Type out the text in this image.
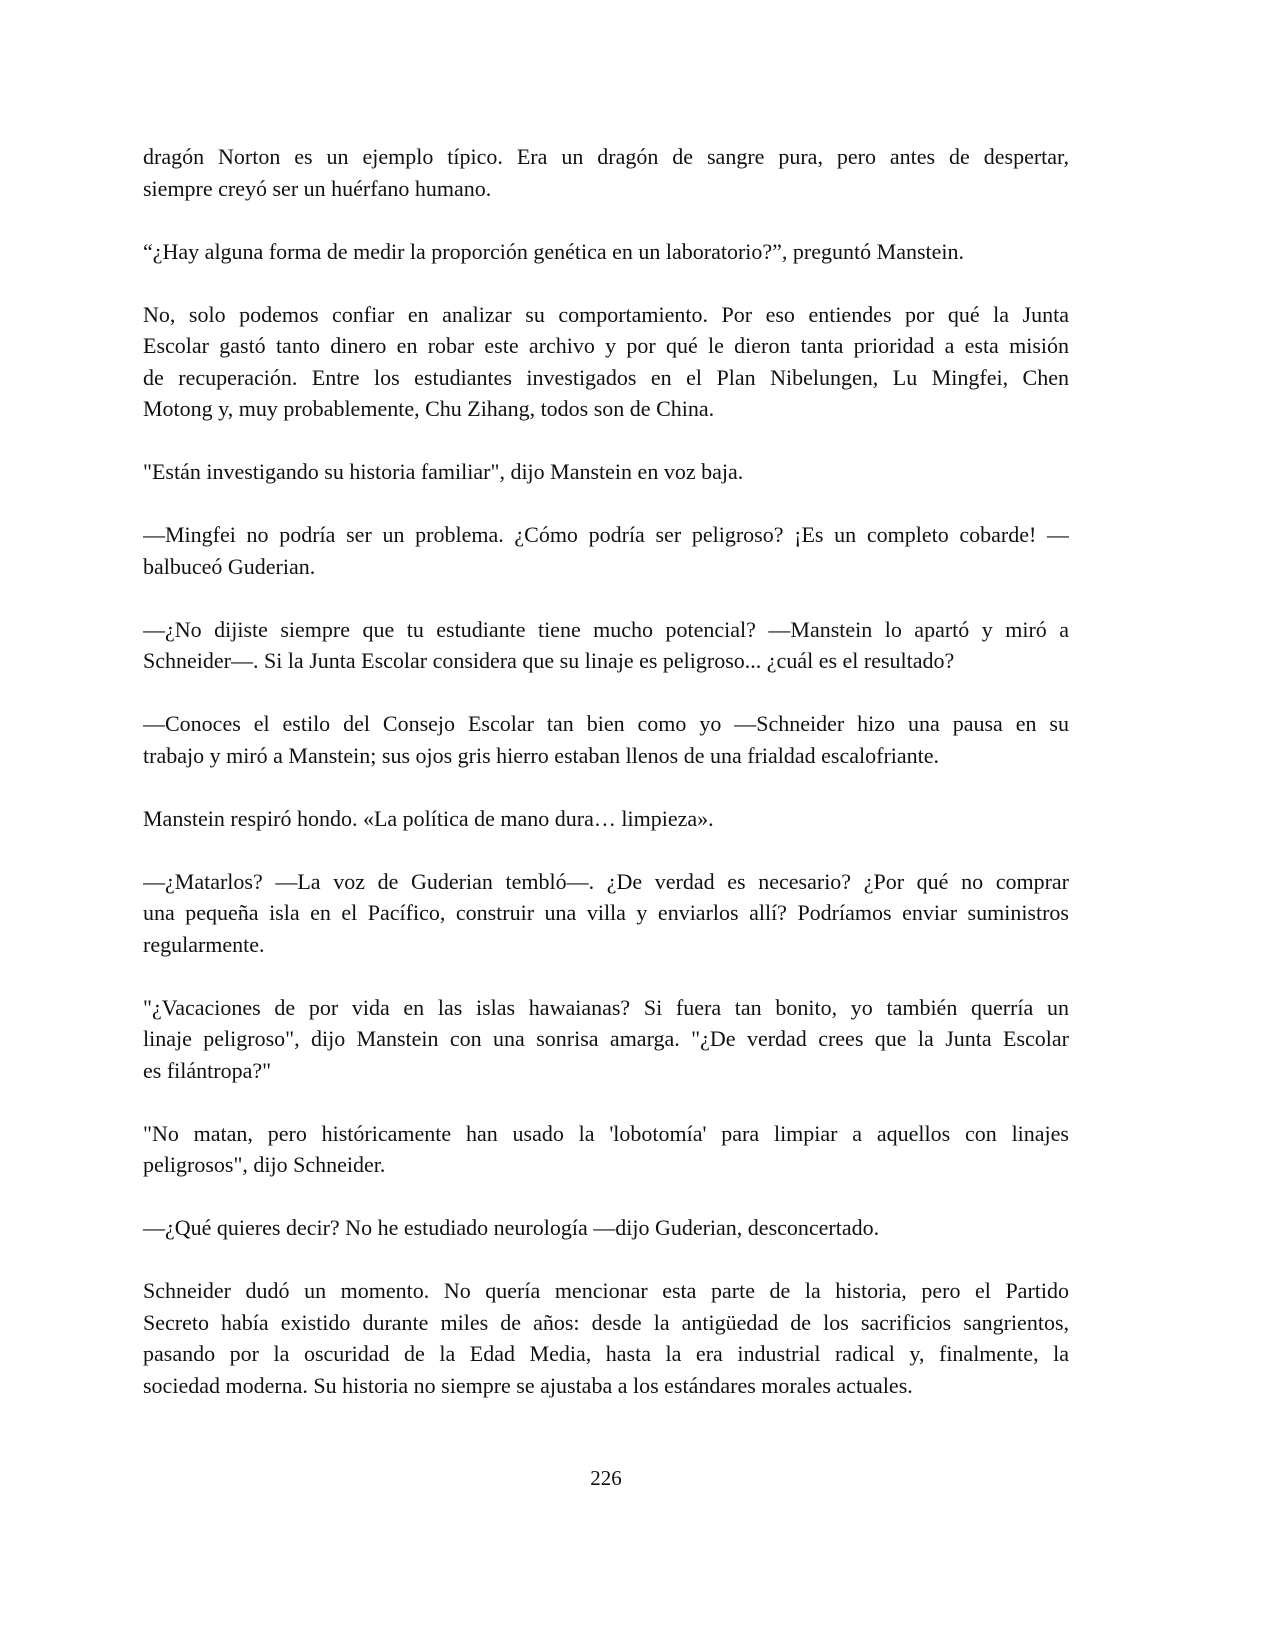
dragón Norton es un ejemplo típico. Era un dragón de sangre pura, pero antes de despertar,
siempre creyó ser un huérfano humano.
“¿Hay alguna forma de medir la proporción genética en un laboratorio?”, preguntó Manstein.
No, solo podemos confiar en analizar su comportamiento. Por eso entiendes por qué la Junta
Escolar gastó tanto dinero en robar este archivo y por qué le dieron tanta prioridad a esta misión
de recuperación. Entre los estudiantes investigados en el Plan Nibelungen, Lu Mingfei, Chen
Motong y, muy probablemente, Chu Zihang, todos son de China.
"Están investigando su historia familiar", dijo Manstein en voz baja.
—Mingfei no podría ser un problema. ¿Cómo podría ser peligroso? ¡Es un completo cobarde! —
balbuceó Guderian.
—¿No dijiste siempre que tu estudiante tiene mucho potencial? —Manstein lo apartó y miró a
Schneider—. Si la Junta Escolar considera que su linaje es peligroso... ¿cuál es el resultado?
—Conoces el estilo del Consejo Escolar tan bien como yo —Schneider hizo una pausa en su
trabajo y miró a Manstein; sus ojos gris hierro estaban llenos de una frialdad escalofriante.
Manstein respiró hondo. «La política de mano dura… limpieza».
—¿Matarlos? —La voz de Guderian tembló—. ¿De verdad es necesario? ¿Por qué no comprar
una pequeña isla en el Pacífico, construir una villa y enviarlos allí? Podríamos enviar suministros
regularmente.
"¿Vacaciones de por vida en las islas hawaianas? Si fuera tan bonito, yo también querría un
linaje peligroso", dijo Manstein con una sonrisa amarga. "¿De verdad crees que la Junta Escolar
es filántropa?"
"No matan, pero históricamente han usado la 'lobotomía' para limpiar a aquellos con linajes
peligrosos", dijo Schneider.
—¿Qué quieres decir? No he estudiado neurología —dijo Guderian, desconcertado.
Schneider dudó un momento. No quería mencionar esta parte de la historia, pero el Partido
Secreto había existido durante miles de años: desde la antigüedad de los sacrificios sangrientos,
pasando por la oscuridad de la Edad Media, hasta la era industrial radical y, finalmente, la
sociedad moderna. Su historia no siempre se ajustaba a los estándares morales actuales.
226
